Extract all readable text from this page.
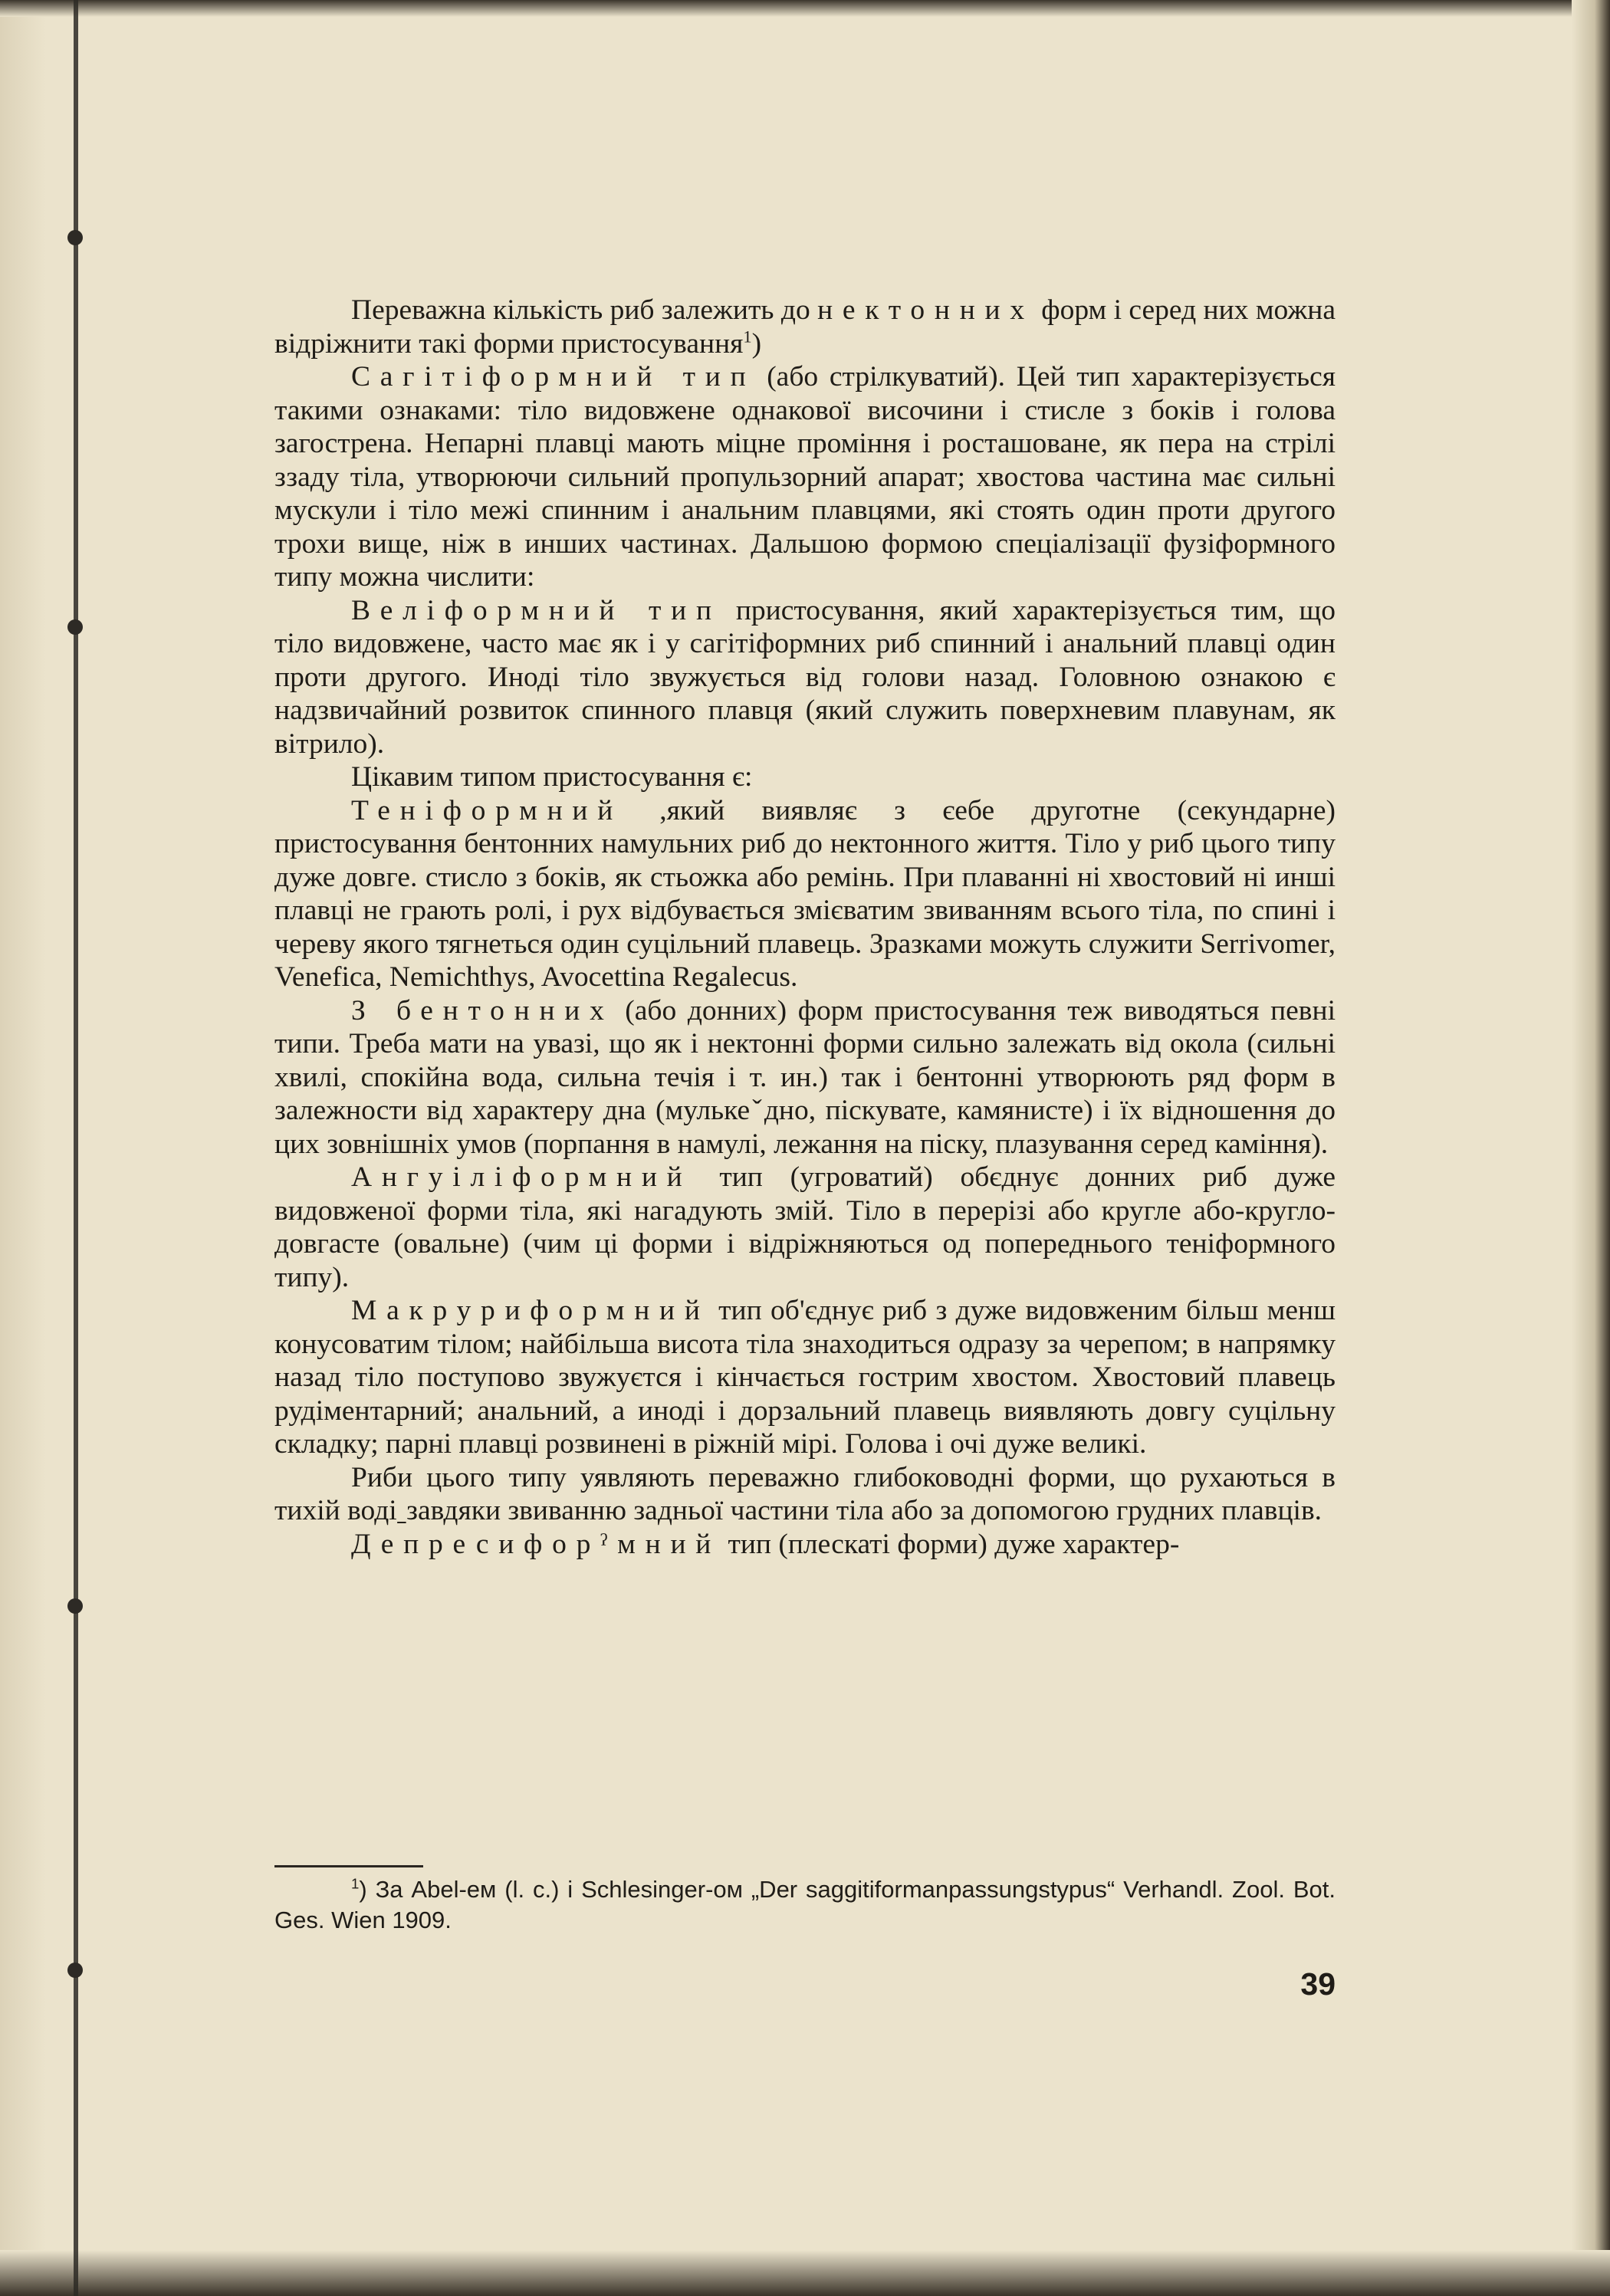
Переважна кількість риб залежить до нектонних форм і серед них можна відріжнити такі форми пристосування$^1$)

Сагітіформний тип (або стрілкуватий). Цей тип характерізується такими ознаками: тіло видовжене однакової височини і стисле з боків і голова загострена. Непарні плавці мають міцне проміння і росташоване, як пера на стрілі ззаду тіла, утворюючи сильний пропульзорний апарат; хвостова частина має сильні мускули і тіло межі спинним і анальним плавцями, які стоять один проти другого трохи вище, ніж в инших частинах. Дальшою формою спеціалізації фузіформного типу можна числити:

Веліформний тип пристосування, який характерізується тим, що тіло видовжене, часто має як і у сагітіформних риб спинний і анальний плавці один проти другого. Иноді тіло звужується від голови назад. Головною ознакою є надзвичайний розвиток спинного плавця (який служить поверхневим плавунам, як вітрило).

Цікавим типом пристосування є:

Теніформний ,який виявляє з єебе друготне (секундарне) пристосування бентонних намульних риб до нектонного життя. Тіло у риб цього типу дуже довге. стисло з боків, як стьожка або ремінь. При плаванні ні хвостовий ні инші плавці не грають ролі, і рух відбувається змієватим звиванням всього тіла, по спині і череву якого тягнеться один суцільний плавець. Зразками можуть служити Serrivomer, Venefica, Nemichthys, Avocettina Regalecus.

З бентонних (або донних) форм пристосування теж виводяться певні типи. Треба мати на увазі, що як і нектонні форми сильно залежать від окола (сильні хвилі, спокійна вода, сильна течія і т. ин.) так і бентонні утворюють ряд форм в залежности від характеру дна (мулькеˇдно, піскувате, камянисте) і їх відношення до цих зовнішніх умов (порпання в намулі, лежання на піску, плазування серед каміння).

Ангуіліформний тип (угроватий) обєднує донних риб дуже видовженої форми тіла, які нагадують змій. Тіло в перерізі або кругле або-кругло-довгасте (овальне) (чим ці форми і відріжняються од попереднього теніформного типу).

Макруриформний тип об'єднує риб з дуже видовженим більш менш конусоватим тілом; найбільша висота тіла знаходиться одразу за черепом; в напрямку назад тіло поступово звужуєтся і кінчається гострим хвостом. Хвостовий плавець рудіментарний; анальний, а иноді і дорзальний плавець виявляють довгу суцільну складку; парні плавці розвинені в ріжній мірі. Голова і очі дуже великі.

Риби цього типу уявляють переважно глибоководні форми, що рухаються в тихій водіˍзавдяки звиванню задньої частини тіла або за допомогою грудних плавців.

Депресифорˀмний тип (плескаті форми) дуже характер-

$^1$) За Abel-ем (l. c.) і Schlesinger-ом „Der saggitiformanpassungstypus“ Verhandl. Zool. Bot. Ges. Wien 1909.

39
